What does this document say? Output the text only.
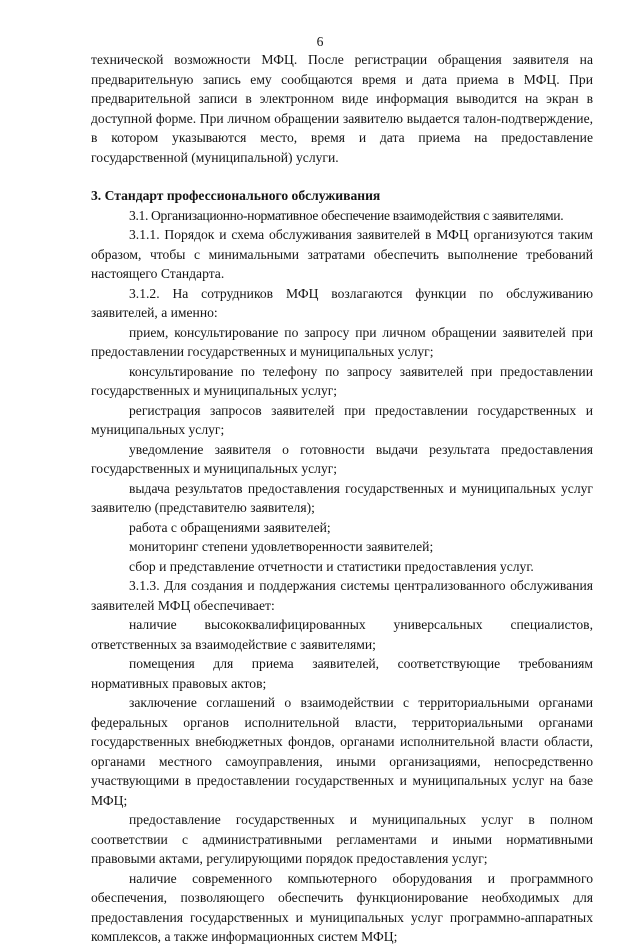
6

технической возможности МФЦ. После регистрации обращения заявителя на предварительную запись ему сообщаются время и дата приема в МФЦ. При предварительной записи в электронном виде информация выводится на экран в доступной форме. При личном обращении заявителю выдается талон-подтверждение, в котором указываются место, время и дата приема на предоставление государственной (муниципальной) услуги.

3. Стандарт профессионального обслуживания

3.1. Организационно-нормативное обеспечение взаимодействия с заявителями.

3.1.1. Порядок и схема обслуживания заявителей в МФЦ организуются таким образом, чтобы с минимальными затратами обеспечить выполнение требований настоящего Стандарта.

3.1.2. На сотрудников МФЦ возлагаются функции по обслуживанию заявителей, а именно:

прием, консультирование по запросу при личном обращении заявителей при предоставлении государственных и муниципальных услуг;

консультирование по телефону по запросу заявителей при предоставлении государственных и муниципальных услуг;

регистрация запросов заявителей при предоставлении государственных и муниципальных услуг;

уведомление заявителя о готовности выдачи результата предоставления государственных и муниципальных услуг;

выдача результатов предоставления государственных и муниципальных услуг заявителю (представителю заявителя);

работа с обращениями заявителей;

мониторинг степени удовлетворенности заявителей;

сбор и представление отчетности и статистики предоставления услуг.

3.1.3. Для создания и поддержания системы централизованного обслуживания заявителей МФЦ обеспечивает:

наличие высококвалифицированных универсальных специалистов, ответственных за взаимодействие с заявителями;

помещения для приема заявителей, соответствующие требованиям нормативных правовых актов;

заключение соглашений о взаимодействии с территориальными органами федеральных органов исполнительной власти, территориальными органами государственных внебюджетных фондов, органами исполнительной власти области, органами местного самоуправления, иными организациями, непосредственно участвующими в предоставлении государственных и муниципальных услуг на базе МФЦ;

предоставление государственных и муниципальных услуг в полном соответствии с административными регламентами и иными нормативными правовыми актами, регулирующими порядок предоставления услуг;

наличие современного компьютерного оборудования и программного обеспечения, позволяющего обеспечить функционирование необходимых для предоставления государственных и муниципальных услуг программно-аппаратных комплексов, а также информационных систем МФЦ;
